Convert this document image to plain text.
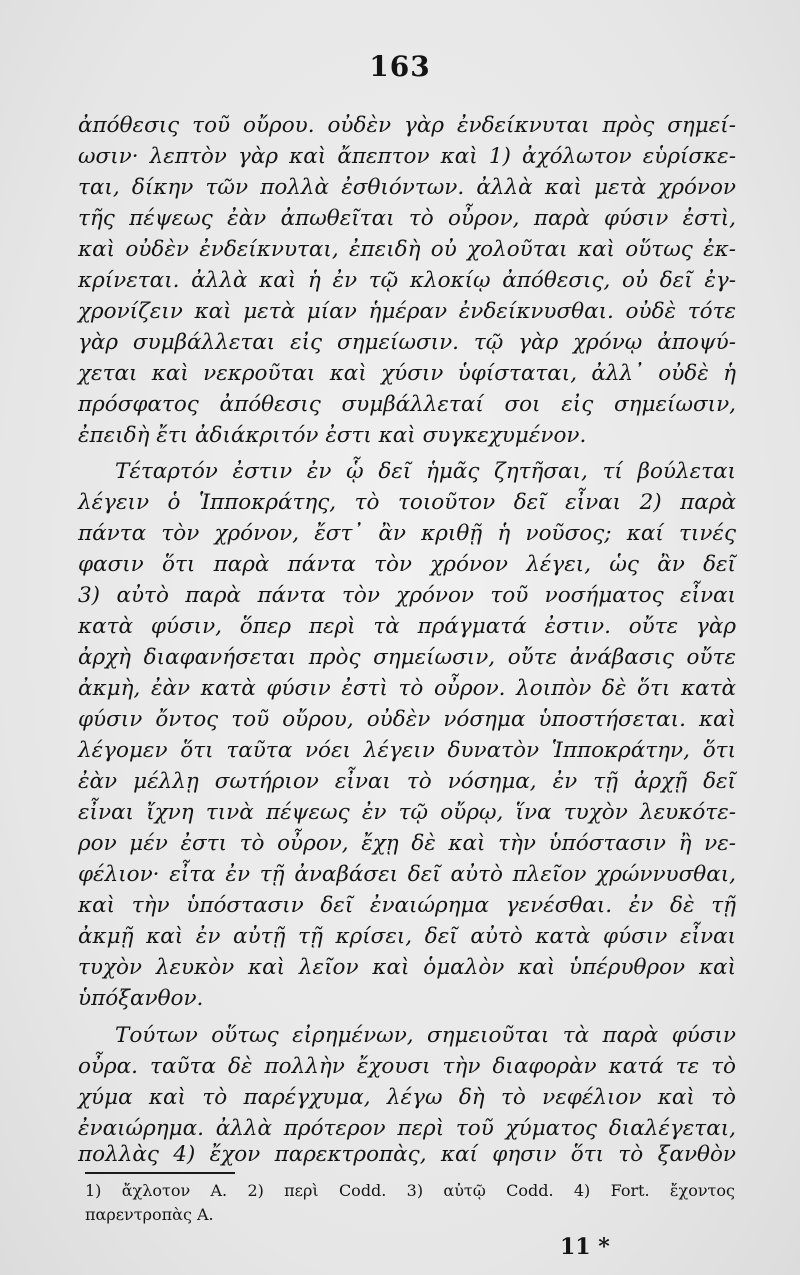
163
ἀπόθεσις τοῦ οὔρου. οὐδὲν γὰρ ἐνδείκνυται πρὸς σημεί-
ωσιν· λεπτὸν γὰρ καὶ ἄπεπτον καὶ 1) ἀχόλωτον εὑρίσκε-
ται, δίκην τῶν πολλὰ ἐσθιόντων. ἀλλὰ καὶ μετὰ χρόνον
τῆς πέψεως ἐὰν ἀπωθεῖται τὸ οὖρον, παρὰ φύσιν ἐστὶ,
καὶ οὐδὲν ἐνδείκνυται, ἐπειδὴ οὐ χολοῦται καὶ οὕτως ἐκ-
κρίνεται. ἀλλὰ καὶ ἡ ἐν τῷ κλοκίῳ ἀπόθεσις, οὐ δεῖ ἐγ-
χρονίζειν καὶ μετὰ μίαν ἡμέραν ἐνδείκνυσθαι. οὐδὲ τότε
γὰρ συμβάλλεται εἰς σημείωσιν. τῷ γὰρ χρόνῳ ἀποψύ-
χεται καὶ νεκροῦται καὶ χύσιν ὑφίσταται, ἀλλ᾽ οὐδὲ ἡ
πρόσφατος ἀπόθεσις συμβάλλεταί σοι εἰς σημείωσιν,
ἐπειδὴ ἔτι ἀδιάκριτόν ἐστι καὶ συγκεχυμένον.
Τέταρτόν ἐστιν ἐν ᾧ δεῖ ἡμᾶς ζητῆσαι, τί βούλεται
λέγειν ὁ Ἱπποκράτης, τὸ τοιοῦτον δεῖ εἶναι 2) παρὰ
πάντα τὸν χρόνον, ἔστ᾽ ἂν κριθῇ ἡ νοῦσος; καί τινές
φασιν ὅτι παρὰ πάντα τὸν χρόνον λέγει, ὡς ἂν δεῖ
3) αὐτὸ παρὰ πάντα τὸν χρόνον τοῦ νοσήματος εἶναι
κατὰ φύσιν, ὅπερ περὶ τὰ πράγματά ἐστιν. οὔτε γὰρ
ἀρχὴ διαφανήσεται πρὸς σημείωσιν, οὔτε ἀνάβασις οὔτε
ἀκμὴ, ἐὰν κατὰ φύσιν ἐστὶ τὸ οὖρον. λοιπὸν δὲ ὅτι κατὰ
φύσιν ὄντος τοῦ οὔρου, οὐδὲν νόσημα ὑποστήσεται. καὶ
λέγομεν ὅτι ταῦτα νόει λέγειν δυνατὸν Ἱπποκράτην, ὅτι
ἐὰν μέλλῃ σωτήριον εἶναι τὸ νόσημα, ἐν τῇ ἀρχῇ δεῖ
εἶναι ἴχνη τινὰ πέψεως ἐν τῷ οὔρῳ, ἵνα τυχὸν λευκότε-
ρον μέν ἐστι τὸ οὖρον, ἔχῃ δὲ καὶ τὴν ὑπόστασιν ἢ νε-
φέλιον· εἶτα ἐν τῇ ἀναβάσει δεῖ αὐτὸ πλεῖον χρώννυσθαι,
καὶ τὴν ὑπόστασιν δεῖ ἐναιώρημα γενέσθαι. ἐν δὲ τῇ
ἀκμῇ καὶ ἐν αὐτῇ τῇ κρίσει, δεῖ αὐτὸ κατὰ φύσιν εἶναι
τυχὸν λευκὸν καὶ λεῖον καὶ ὁμαλὸν καὶ ὑπέρυθρον καὶ
ὑπόξανθον.
Τούτων οὕτως εἰρημένων, σημειοῦται τὰ παρὰ φύσιν
οὖρα. ταῦτα δὲ πολλὴν ἔχουσι τὴν διαφορὰν κατά τε τὸ
χύμα καὶ τὸ παρέγχυμα, λέγω δὴ τὸ νεφέλιον καὶ τὸ
ἐναιώρημα. ἀλλὰ πρότερον περὶ τοῦ χύματος διαλέγεται,
1) ἄχλοτον A. 2) περὶ Codd. 3) αὐτῷ Codd. 4) Fort. ἔχοντος
παρεντροπὰς A.
11 *
πολλὰς 4) ἔχον παρεκτροπὰς, καί φησιν ὅτι τὸ ξανθὸν
